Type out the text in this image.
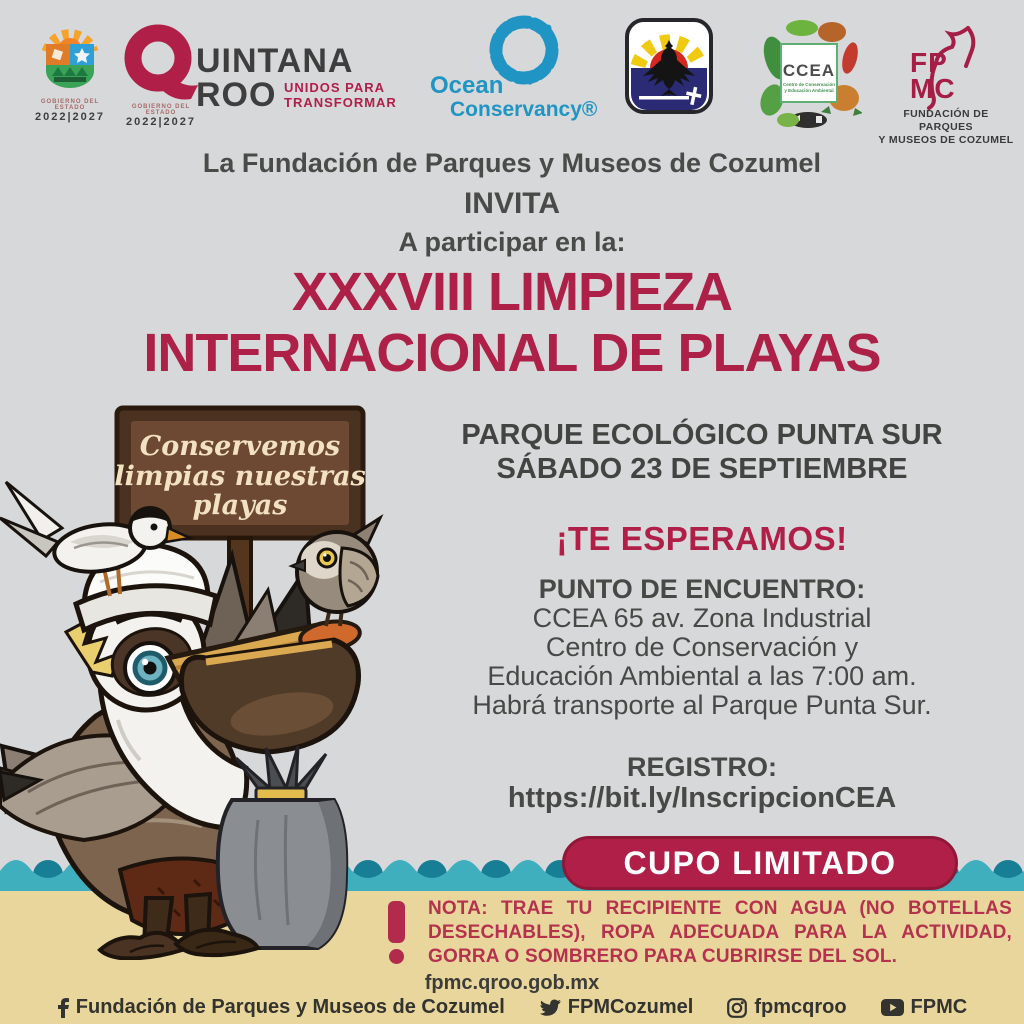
GOBIERNO DEL ESTADO
2022|2027
UINTANA
ROO UNIDOS PARA
TRANSFORMAR
GOBIERNO DEL ESTADO
2022|2027
Ocean
Conservancy®
CCEA
Centro de Conservación
y Educación Ambiental
FP
MC
FUNDACIÓN DE PARQUES
Y MUSEOS DE COZUMEL
La Fundación de Parques y Museos de Cozumel
INVITA
A participar en la:
XXXVIII LIMPIEZA
INTERNACIONAL DE PLAYAS
PARQUE ECOLÓGICO PUNTA SUR
SÁBADO 23 DE SEPTIEMBRE
¡TE ESPERAMOS!
PUNTO DE ENCUENTRO:
CCEA 65 av. Zona Industrial
Centro de Conservación y
Educación Ambiental a las 7:00 am.
Habrá transporte al Parque Punta Sur.
REGISTRO:
https://bit.ly/InscripcionCEA
CUPO LIMITADO
NOTA: TRAE TU RECIPIENTE CON AGUA (NO BOTELLAS DESECHABLES), ROPA ADECUADA PARA LA ACTIVIDAD, GORRA O SOMBRERO PARA CUBRIRSE DEL SOL.
fpmc.qroo.gob.mx
Fundación de Parques y Museos de Cozumel	FPMCozumel	fpmcqroo	FPMC
Conservemos
limpias nuestras
playas
